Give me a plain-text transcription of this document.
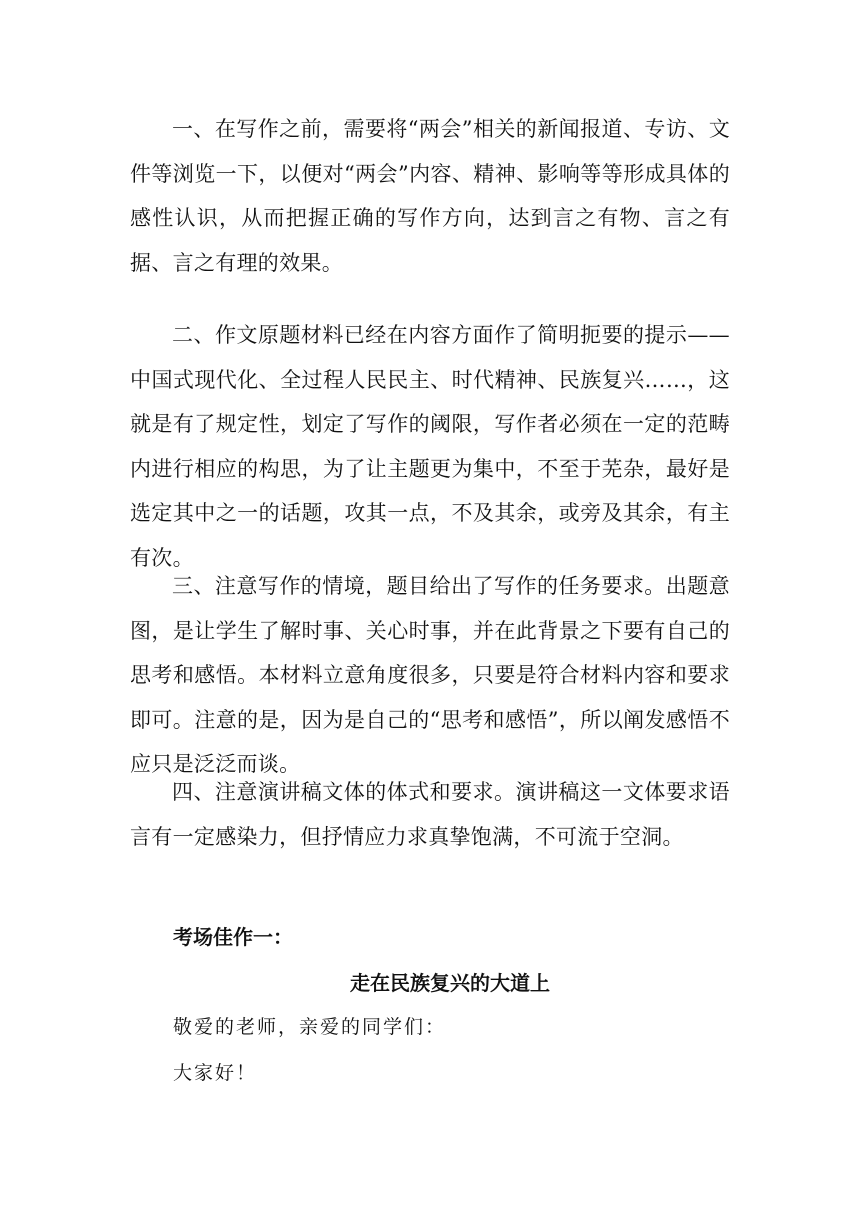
一、在写作之前，需要将“两会”相关的新闻报道、专访、文件等浏览一下，以便对“两会”内容、精神、影响等等形成具体的感性认识，从而把握正确的写作方向，达到言之有物、言之有据、言之有理的效果。

二、作文原题材料已经在内容方面作了简明扼要的提示——中国式现代化、全过程人民民主、时代精神、民族复兴……，这就是有了规定性，划定了写作的阈限，写作者必须在一定的范畴内进行相应的构思，为了让主题更为集中，不至于芜杂，最好是选定其中之一的话题，攻其一点，不及其余，或旁及其余，有主有次。

三、注意写作的情境，题目给出了写作的任务要求。出题意图，是让学生了解时事、关心时事，并在此背景之下要有自己的思考和感悟。本材料立意角度很多，只要是符合材料内容和要求即可。注意的是，因为是自己的“思考和感悟”，所以阐发感悟不应只是泛泛而谈。

四、注意演讲稿文体的体式和要求。演讲稿这一文体要求语言有一定感染力，但抒情应力求真挚饱满，不可流于空洞。

考场佳作一：

走在民族复兴的大道上

敬爱的老师，亲爱的同学们：

大家好！
